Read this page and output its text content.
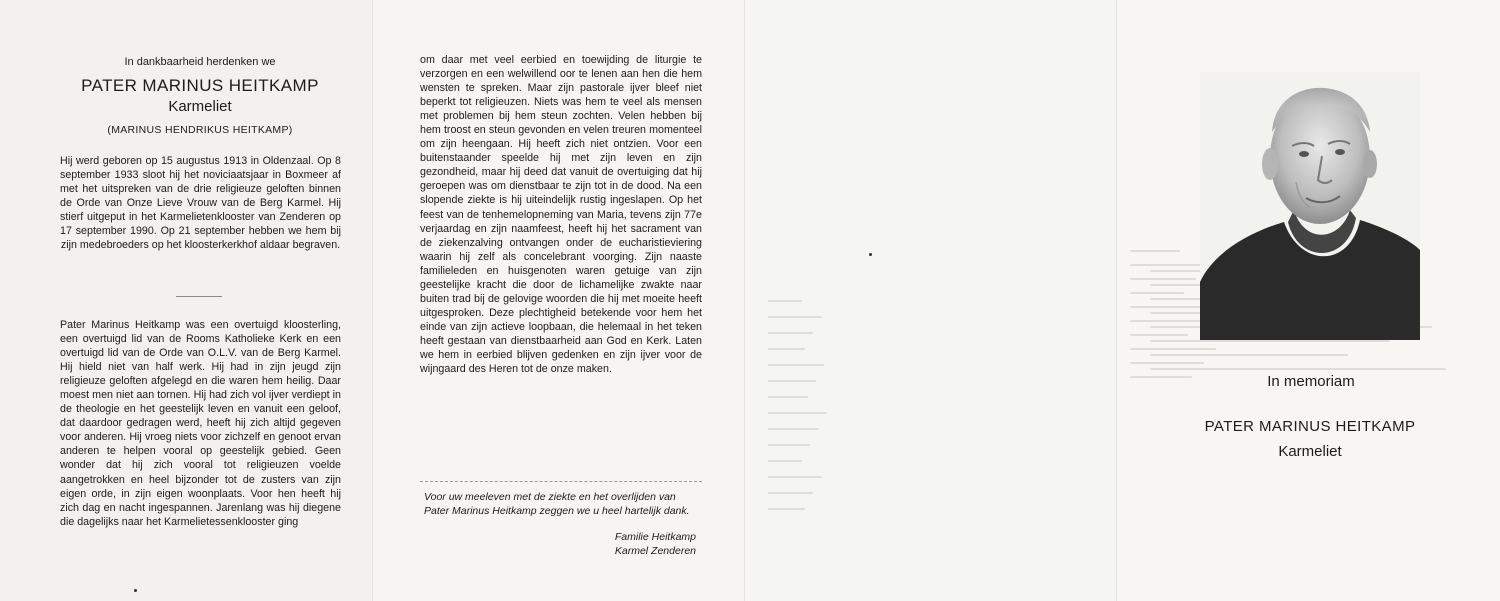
In dankbaarheid herdenken we
PATER MARINUS HEITKAMP
Karmeliet
(MARINUS HENDRIKUS HEITKAMP)
Hij werd geboren op 15 augustus 1913 in Oldenzaal. Op 8 september 1933 sloot hij het noviciaatsjaar in Boxmeer af met het uitspreken van de drie religieuze geloften binnen de Orde van Onze Lieve Vrouw van de Berg Karmel. Hij stierf uitgeput in het Karmelietenklooster van Zenderen op 17 september 1990. Op 21 september hebben we hem bij zijn medebroeders op het kloosterkerkhof aldaar begraven.
Pater Marinus Heitkamp was een overtuigd kloosterling, een overtuigd lid van de Rooms Katholieke Kerk en een overtuigd lid van de Orde van O.L.V. van de Berg Karmel. Hij hield niet van half werk. Hij had in zijn jeugd zijn religieuze geloften afgelegd en die waren hem heilig. Daar moest men niet aan tornen. Hij had zich vol ijver verdiept in de theologie en het geestelijk leven en vanuit een geloof, dat daardoor gedragen werd, heeft hij zich altijd gegeven voor anderen. Hij vroeg niets voor zichzelf en genoot ervan anderen te helpen vooral op geestelijk gebied. Geen wonder dat hij zich vooral tot religieuzen voelde aangetrokken en heel bijzonder tot de zusters van zijn eigen orde, in zijn eigen woonplaats. Voor hen heeft hij zich dag en nacht ingespannen. Jarenlang was hij diegene die dagelijks naar het Karmelietessenklooster ging
om daar met veel eerbied en toewijding de liturgie te verzorgen en een welwillend oor te lenen aan hen die hem wensten te spreken. Maar zijn pastorale ijver bleef niet beperkt tot religieuzen. Niets was hem te veel als mensen met problemen bij hem steun zochten. Velen hebben bij hem troost en steun gevonden en velen treuren momenteel om zijn heengaan. Hij heeft zich niet ontzien. Voor een buitenstaander speelde hij met zijn leven en zijn gezondheid, maar hij deed dat vanuit de overtuiging dat hij geroepen was om dienstbaar te zijn tot in de dood. Na een slopende ziekte is hij uiteindelijk rustig ingeslapen. Op het feest van de tenhemelopneming van Maria, tevens zijn 77e verjaardag en zijn naamfeest, heeft hij het sacrament van de ziekenzalving ontvangen onder de eucharistieviering waarin hij zelf als concelebrant voorging. Zijn naaste familieleden en huisgenoten waren getuige van zijn geestelijke kracht die door de lichamelijke zwakte naar buiten trad bij de gelovige woorden die hij met moeite heeft uitgesproken. Deze plechtigheid betekende voor hem het einde van zijn actieve loopbaan, die helemaal in het teken heeft gestaan van dienstbaarheid aan God en Kerk. Laten we hem in eerbied blijven gedenken en zijn ijver voor de wijngaard des Heren tot de onze maken.
Voor uw meeleven met de ziekte en het overlijden van Pater Marinus Heitkamp zeggen we u heel hartelijk dank.
Familie Heitkamp
Karmel Zenderen
In memoriam
PATER MARINUS HEITKAMP
Karmeliet
